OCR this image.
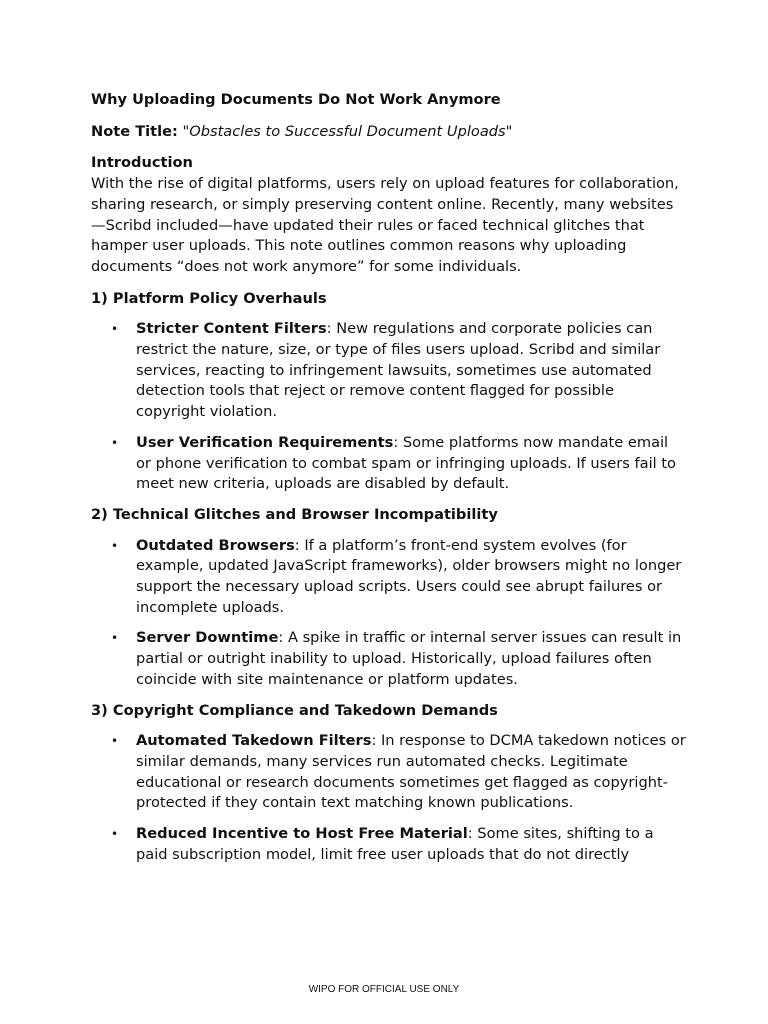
Why Uploading Documents Do Not Work Anymore

Note Title: "Obstacles to Successful Document Uploads"

Introduction

With the rise of digital platforms, users rely on upload features for collaboration, sharing research, or simply preserving content online. Recently, many websites—Scribd included—have updated their rules or faced technical glitches that hamper user uploads. This note outlines common reasons why uploading documents “does not work anymore” for some individuals.

1) Platform Policy Overhauls

• Stricter Content Filters: New regulations and corporate policies can restrict the nature, size, or type of files users upload. Scribd and similar services, reacting to infringement lawsuits, sometimes use automated detection tools that reject or remove content flagged for possible copyright violation.
• User Verification Requirements: Some platforms now mandate email or phone verification to combat spam or infringing uploads. If users fail to meet new criteria, uploads are disabled by default.

2) Technical Glitches and Browser Incompatibility

• Outdated Browsers: If a platform’s front-end system evolves (for example, updated JavaScript frameworks), older browsers might no longer support the necessary upload scripts. Users could see abrupt failures or incomplete uploads.
• Server Downtime: A spike in traffic or internal server issues can result in partial or outright inability to upload. Historically, upload failures often coincide with site maintenance or platform updates.

3) Copyright Compliance and Takedown Demands

• Automated Takedown Filters: In response to DCMA takedown notices or similar demands, many services run automated checks. Legitimate educational or research documents sometimes get flagged as copyright-protected if they contain text matching known publications.
• Reduced Incentive to Host Free Material: Some sites, shifting to a paid subscription model, limit free user uploads that do not directly
WIPO FOR OFFICIAL USE ONLY
